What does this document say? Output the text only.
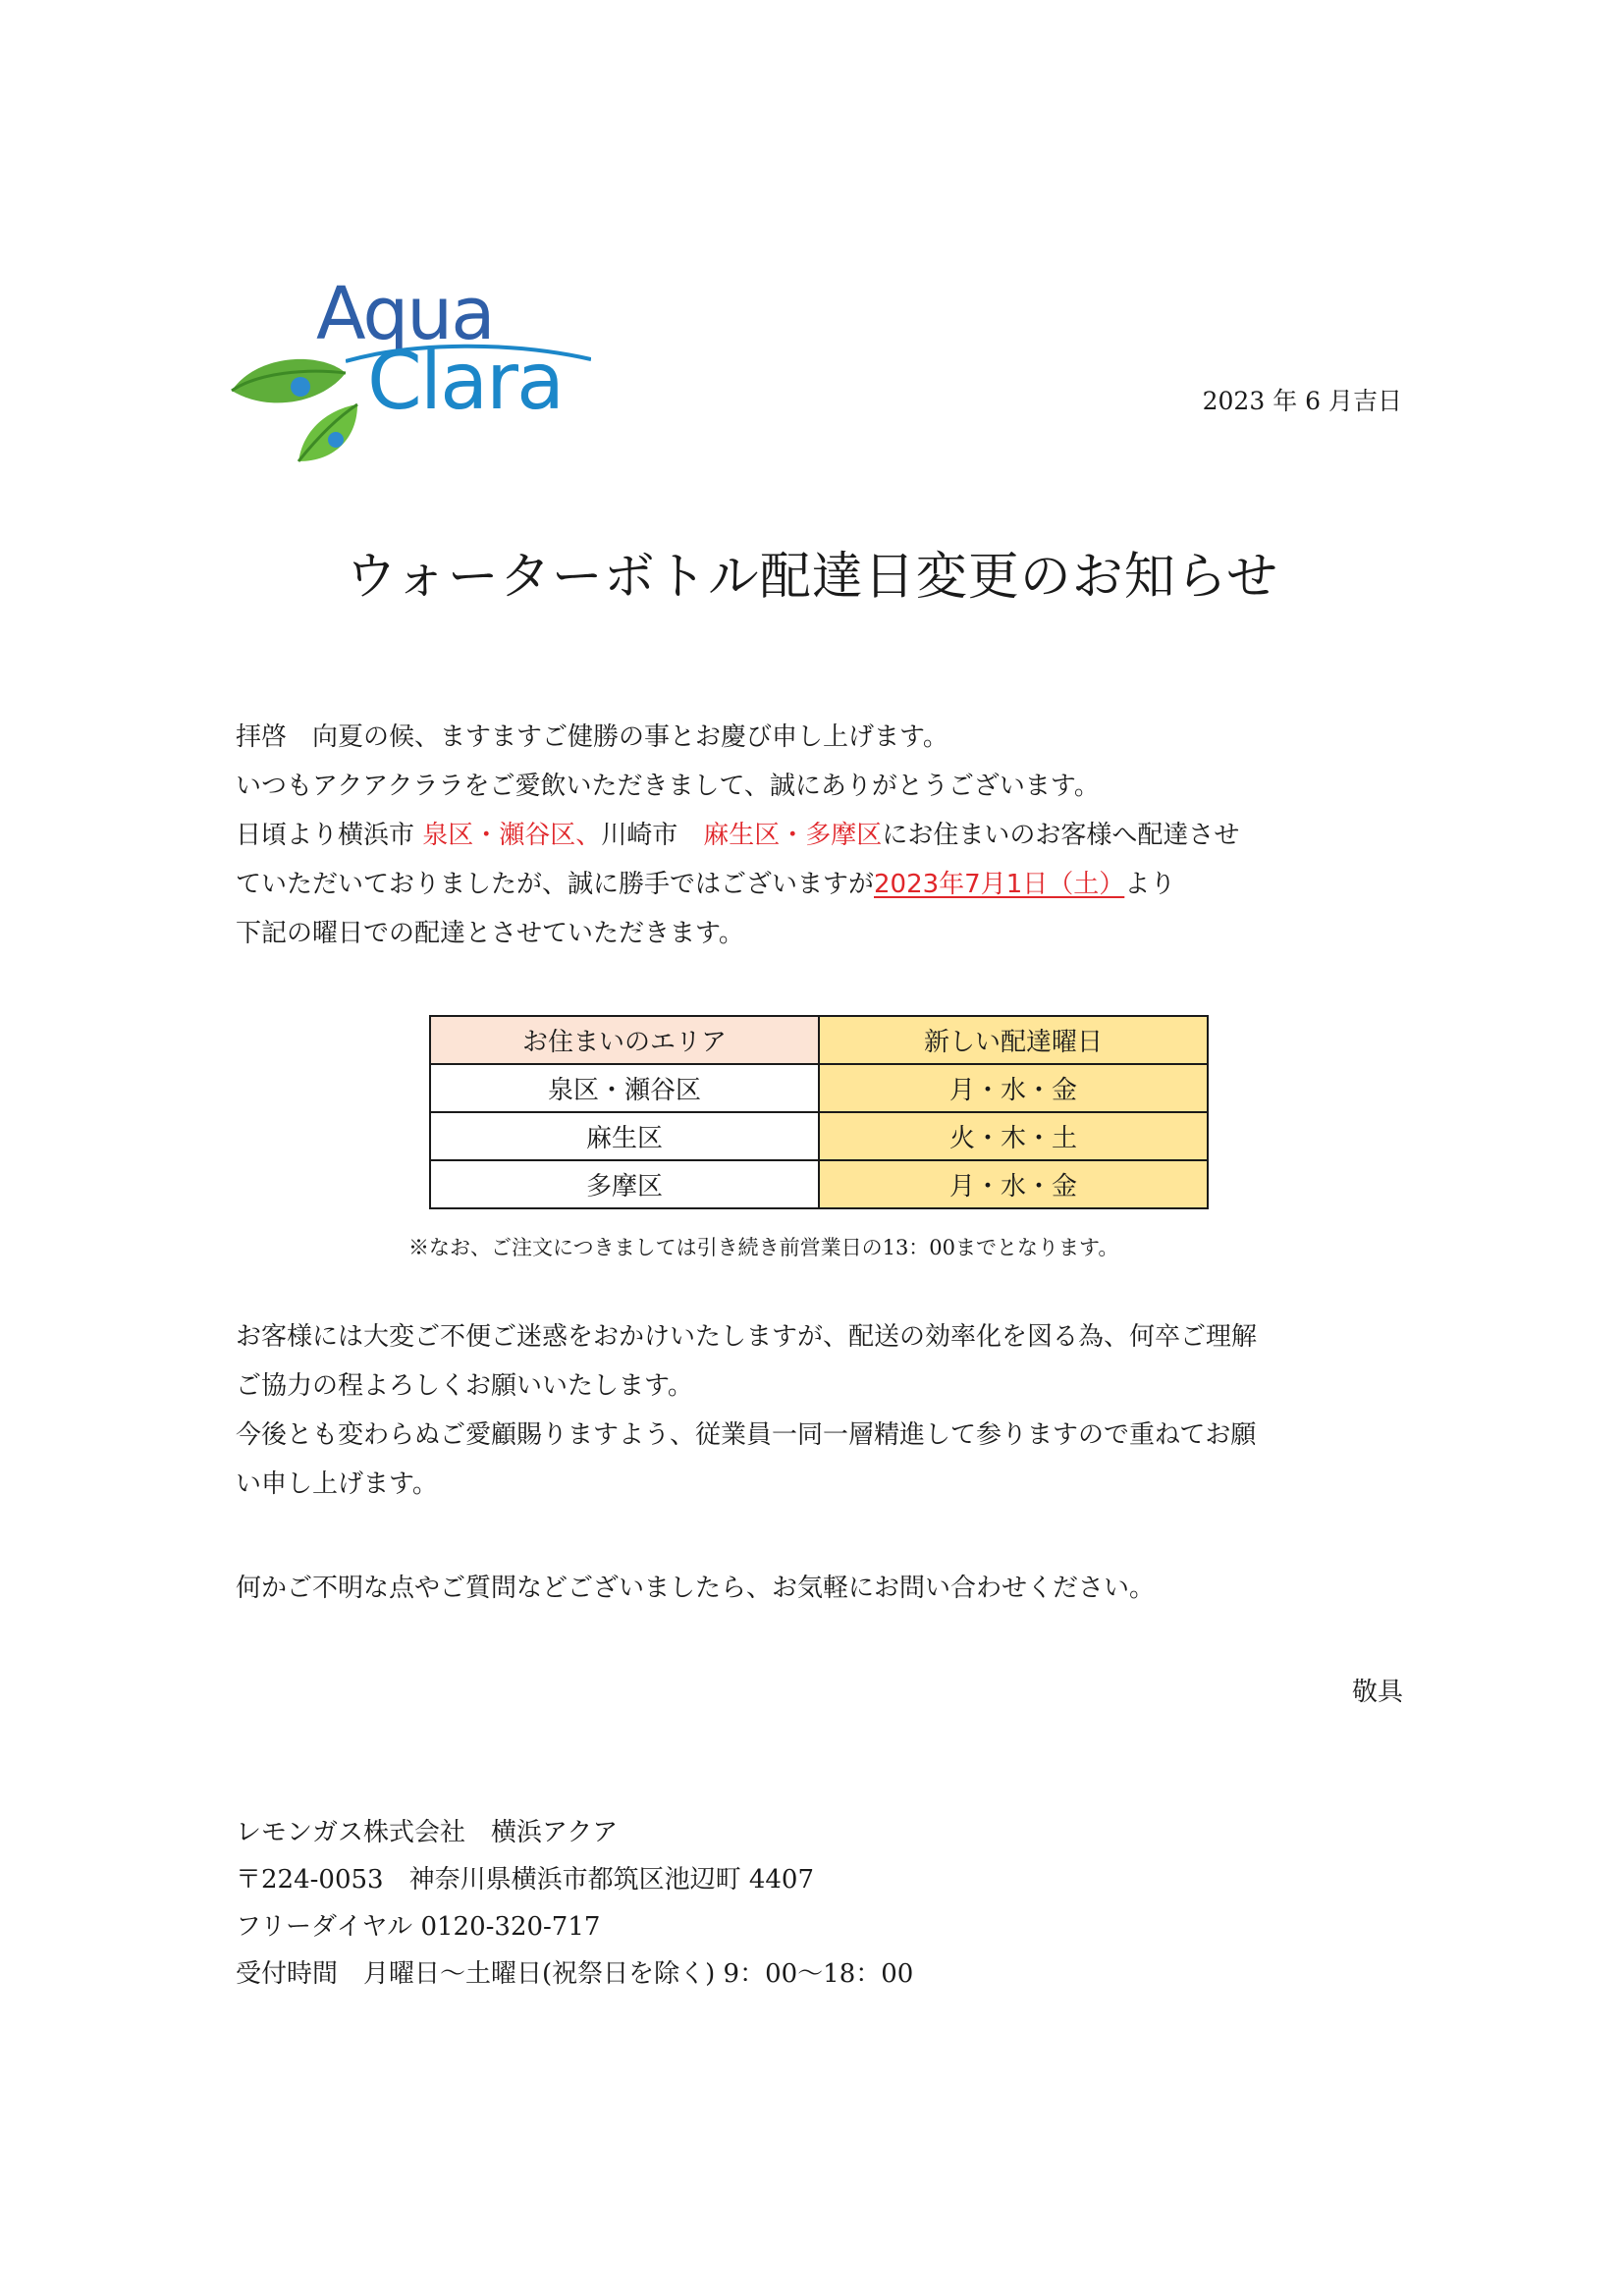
Aqua
Clara	2023 年 6 月吉日
ウォーターボトル配達日変更のお知らせ
拝啓　向夏の候、ますますご健勝の事とお慶び申し上げます。
いつもアクアクララをご愛飲いただきまして、誠にありがとうございます。
日頃より横浜市 泉区・瀬谷区、川崎市　麻生区・多摩区にお住まいのお客様へ配達させ
ていただいておりましたが、誠に勝手ではございますが2023年7月1日（土）より
下記の曜日での配達とさせていただきます。
お住まいのエリア	新しい配達曜日
泉区・瀬谷区	月・水・金
麻生区	火・木・土
多摩区	月・水・金
※なお、ご注文につきましては引き続き前営業日の13：00までとなります。
お客様には大変ご不便ご迷惑をおかけいたしますが、配送の効率化を図る為、何卒ご理解
ご協力の程よろしくお願いいたします。
今後とも変わらぬご愛顧賜りますよう、従業員一同一層精進して参りますので重ねてお願
い申し上げます。
何かご不明な点やご質問などございましたら、お気軽にお問い合わせください。
敬具
レモンガス株式会社　横浜アクア
〒224-0053　神奈川県横浜市都筑区池辺町 4407
フリーダイヤル 0120-320-717
受付時間　月曜日～土曜日(祝祭日を除く) 9：00～18：00
